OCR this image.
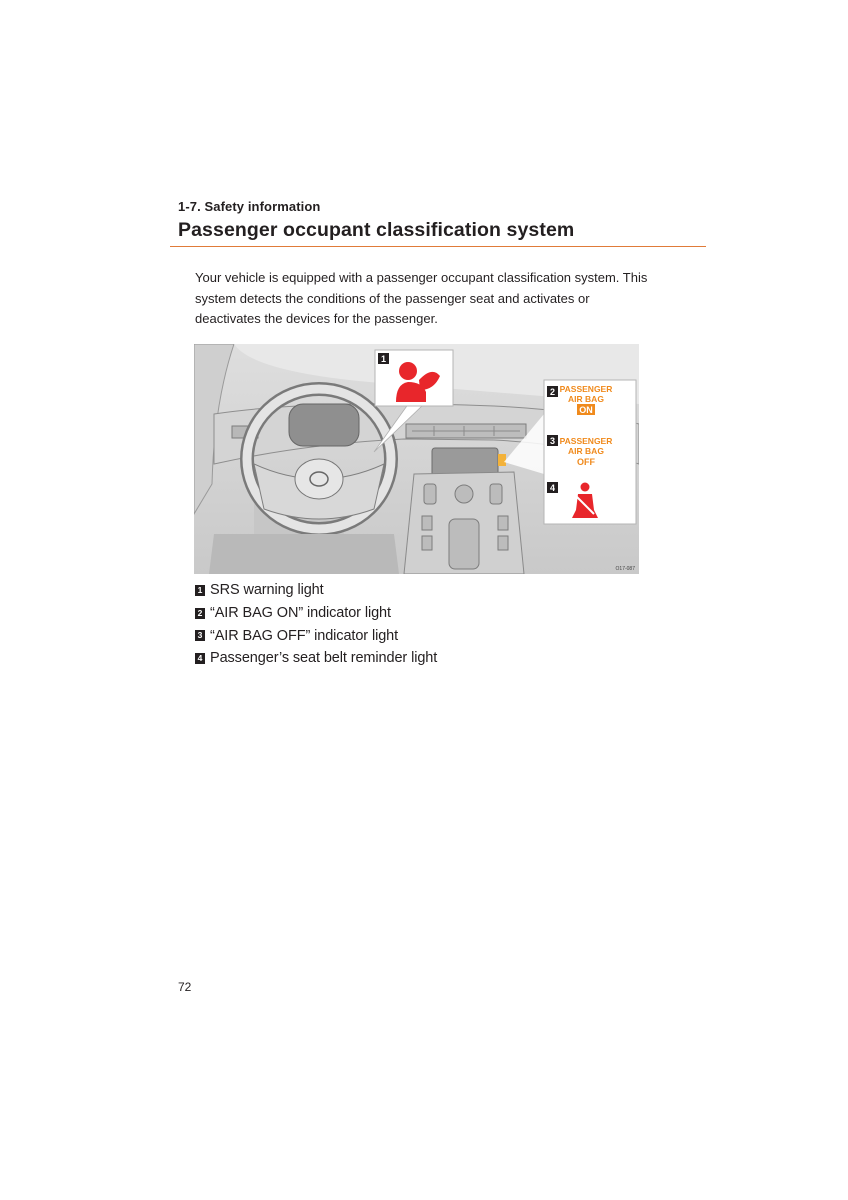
1-7. Safety information
Passenger occupant classification system
Your vehicle is equipped with a passenger occupant classification system. This system detects the conditions of the passenger seat and activates or deactivates the devices for the passenger.
1
2 PASSENGER
AIR BAG
ON
3 PASSENGER
AIR BAG
OFF
4
O17-087
1 SRS warning light
2 “AIR BAG ON” indicator light
3 “AIR BAG OFF” indicator light
4 Passenger’s seat belt reminder light
72
